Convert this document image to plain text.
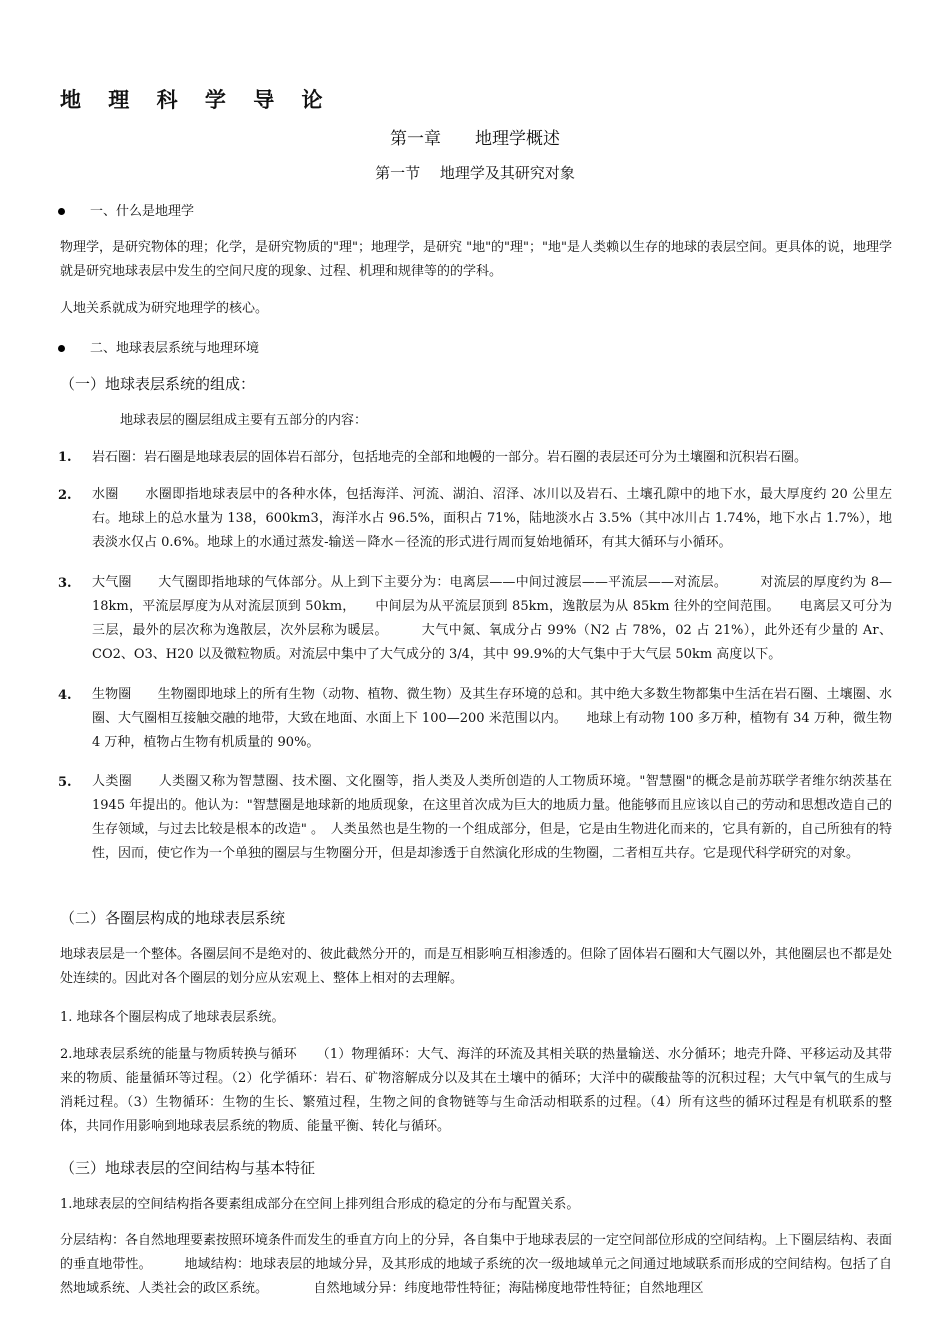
地 理 科 学 导 论
第一章　　地理学概述
第一节　 地理学及其研究对象
一、什么是地理学
物理学，是研究物体的理；化学，是研究物质的"理"；地理学，是研究 "地"的"理"；"地"是人类赖以生存的地球的表层空间。更具体的说，地理学就是研究地球表层中发生的空间尺度的现象、过程、机理和规律等的的学科。
人地关系就成为研究地理学的核心。
二、地球表层系统与地理环境
（一）地球表层系统的组成：
地球表层的圈层组成主要有五部分的内容：
1. 岩石圈：岩石圈是地球表层的固体岩石部分，包括地壳的全部和地幔的一部分。岩石圈的表层还可分为土壤圈和沉积岩石圈。
2. 水圈　　水圈即指地球表层中的各种水体，包括海洋、河流、湖泊、沼泽、冰川以及岩石、土壤孔隙中的地下水，最大厚度约 20 公里左右。地球上的总水量为 138，600km3，海洋水占 96.5%，面积占 71%，陆地淡水占 3.5%（其中冰川占 1.74%，地下水占 1.7%），地表淡水仅占 0.6%。地球上的水通过蒸发-输送－降水－径流的形式进行周而复始地循环，有其大循环与小循环。
3. 大气圈　　大气圈即指地球的气体部分。从上到下主要分为：电离层——中间过渡层——平流层——对流层。　　　对流层的厚度约为 8—18km，平流层厚度为从对流层顶到 50km，　　中间层为从平流层顶到 85km，逸散层为从 85km 往外的空间范围。　　电离层又可分为三层，最外的层次称为逸散层，次外层称为暖层。　　　大气中氮、氧成分占 99%（N2 占 78%，02 占 21%），此外还有少量的 Ar、CO2、O3、H20 以及微粒物质。对流层中集中了大气成分的 3/4，其中 99.9%的大气集中于大气层 50km 高度以下。
4. 生物圈　　生物圈即地球上的所有生物（动物、植物、微生物）及其生存环境的总和。其中绝大多数生物都集中生活在岩石圈、土壤圈、水圈、大气圈相互接触交融的地带，大致在地面、水面上下 100—200 米范围以内。　　地球上有动物 100 多万种，植物有 34 万种，微生物 4 万种，植物占生物有机质量的 90%。
5. 人类圈　　人类圈又称为智慧圈、技术圈、文化圈等，指人类及人类所创造的人工物质环境。"智慧圈"的概念是前苏联学者维尔纳茨基在 1945 年提出的。他认为："智慧圈是地球新的地质现象，在这里首次成为巨大的地质力量。他能够而且应该以自己的劳动和思想改造自己的生存领域，与过去比较是根本的改造" 。　人类虽然也是生物的一个组成部分，但是，它是由生物进化而来的，它具有新的，自己所独有的特性，因而，使它作为一个单独的圈层与生物圈分开，但是却渗透于自然演化形成的生物圈，二者相互共存。它是现代科学研究的对象。
（二）各圈层构成的地球表层系统
地球表层是一个整体。各圈层间不是绝对的、彼此截然分开的，而是互相影响互相渗透的。但除了固体岩石圈和大气圈以外，其他圈层也不都是处处连续的。因此对各个圈层的划分应从宏观上、整体上相对的去理解。
1. 地球各个圈层构成了地球表层系统。
2.地球表层系统的能量与物质转换与循环　　（1）物理循环：大气、海洋的环流及其相关联的热量输送、水分循环；地壳升降、平移运动及其带来的物质、能量循环等过程。（2）化学循环：岩石、矿物溶解成分以及其在土壤中的循环；大洋中的碳酸盐等的沉积过程；大气中氧气的生成与消耗过程。（3）生物循环：生物的生长、繁殖过程，生物之间的食物链等与生命活动相联系的过程。（4）所有这些的循环过程是有机联系的整体，共同作用影响到地球表层系统的物质、能量平衡、转化与循环。
（三）地球表层的空间结构与基本特征
1.地球表层的空间结构指各要素组成部分在空间上排列组合形成的稳定的分布与配置关系。
分层结构：各自然地理要素按照环境条件而发生的垂直方向上的分异，各自集中于地球表层的一定空间部位形成的空间结构。上下圈层结构、表面的垂直地带性。　　　地域结构：地球表层的地域分异，及其形成的地域子系统的次一级地域单元之间通过地域联系而形成的空间结构。包括了自然地域系统、人类社会的政区系统。　　　　自然地域分异：纬度地带性特征；海陆梯度地带性特征；自然地理区
